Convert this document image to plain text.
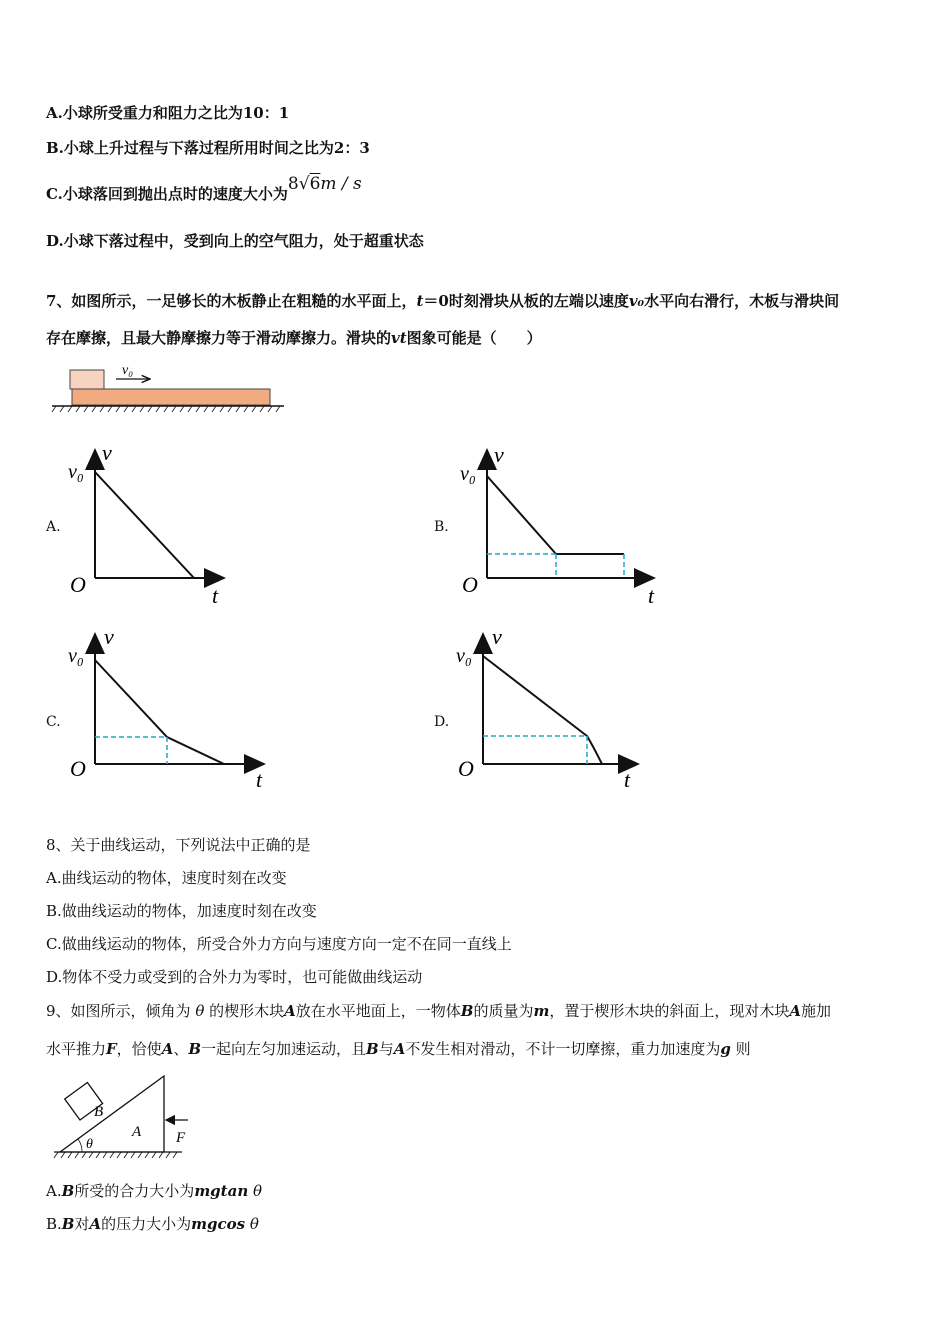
A.小球所受重力和阻力之比为10：1
B.小球上升过程与下落过程所用时间之比为2：3
C.小球落回到抛出点时的速度大小为8√6m / s
D.小球下落过程中，受到向上的空气阻力，处于超重状态
7、如图所示，一足够长的木板静止在粗糙的水平面上，t＝0时刻滑块从板的左端以速度v₀水平向右滑行，木板与滑块间
存在摩擦，且最大静摩擦力等于滑动摩擦力。滑块的vt图象可能是（　　）
v₀
A.
v
v₀
O	t
B.
v
v₀
O	t
C.
v
v₀
O	t
D.
v
v₀
O	t
8、关于曲线运动，下列说法中正确的是
A.曲线运动的物体，速度时刻在改变
B.做曲线运动的物体，加速度时刻在改变
C.做曲线运动的物体，所受合外力方向与速度方向一定不在同一直线上
D.物体不受力或受到的合外力为零时，也可能做曲线运动
9、如图所示，倾角为 θ 的楔形木块A放在水平地面上，一物体B的质量为m，置于楔形木块的斜面上，现对木块A施加
水平推力F，恰使A、B一起向左匀加速运动，且B与A不发生相对滑动，不计一切摩擦，重力加速度为g 则
B
A
θ	F
A.B所受的合力大小为mgtan θ
B.B对A的压力大小为mgcos θ
